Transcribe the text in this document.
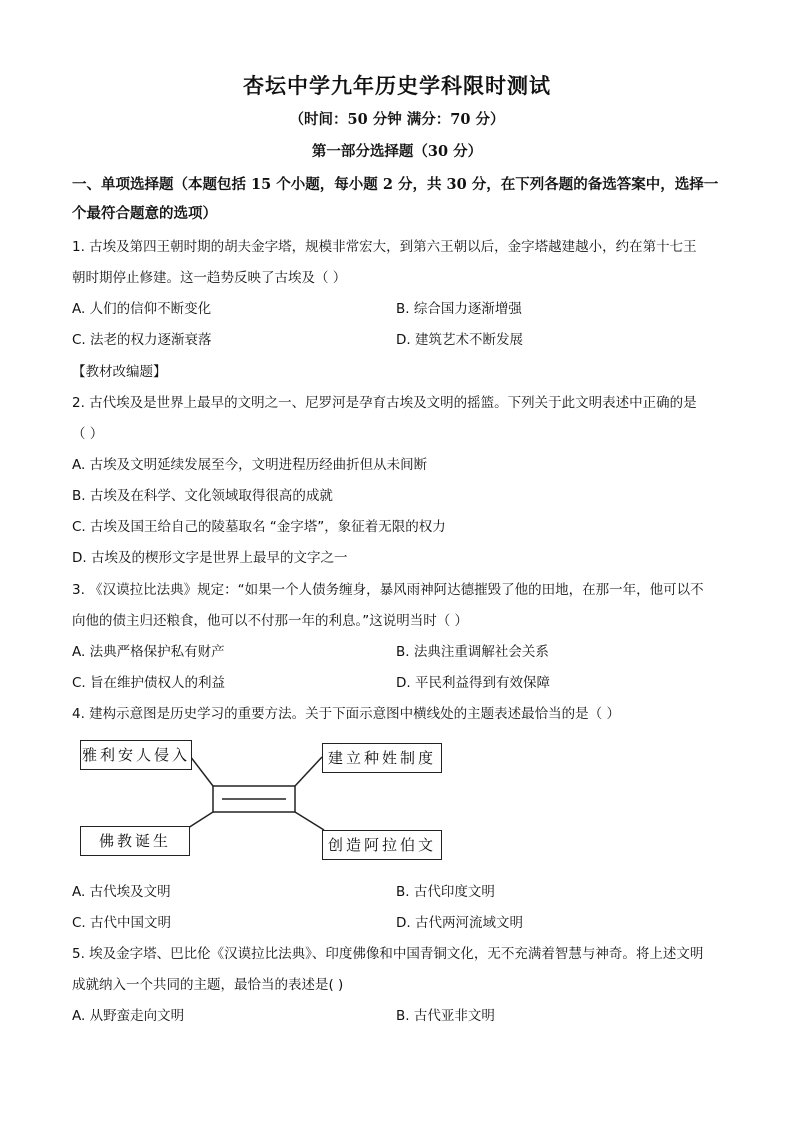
杏坛中学九年历史学科限时测试
（时间：50 分钟 满分：70 分）
第一部分选择题（30 分）
一、单项选择题（本题包括 15 个小题，每小题 2 分，共 30 分，在下列各题的备选答案中，选择一个最符合题意的选项）
1. 古埃及第四王朝时期的胡夫金字塔，规模非常宏大，到第六王朝以后，金字塔越建越小，约在第十七王
朝时期停止修建。这一趋势反映了古埃及（ ）
A. 人们的信仰不断变化	B. 综合国力逐渐增强
C. 法老的权力逐渐衰落	D. 建筑艺术不断发展
【教材改编题】
2. 古代埃及是世界上最早的文明之一、尼罗河是孕育古埃及文明的摇篮。下列关于此文明表述中正确的是
（ ）
A. 古埃及文明延续发展至今，文明进程历经曲折但从未间断
B. 古埃及在科学、文化领域取得很高的成就
C. 古埃及国王给自己的陵墓取名 “金字塔”，象征着无限的权力
D. 古埃及的楔形文字是世界上最早的文字之一
3. 《汉谟拉比法典》规定：“如果一个人债务缠身，暴风雨神阿达德摧毁了他的田地，在那一年，他可以不
向他的债主归还粮食，他可以不付那一年的利息。”这说明当时（ ）
A. 法典严格保护私有财产	B. 法典注重调解社会关系
C. 旨在维护债权人的利益	D. 平民利益得到有效保障
4. 建构示意图是历史学习的重要方法。关于下面示意图中横线处的主题表述最恰当的是（ ）
雅利安人侵入	建立种姓制度
佛教诞生	创造阿拉伯文
A. 古代埃及文明	B. 古代印度文明
C. 古代中国文明	D. 古代两河流域文明
5. 埃及金字塔、巴比伦《汉谟拉比法典》、印度佛像和中国青铜文化，无不充满着智慧与神奇。将上述文明
成就纳入一个共同的主题，最恰当的表述是( )
A. 从野蛮走向文明	B. 古代亚非文明
